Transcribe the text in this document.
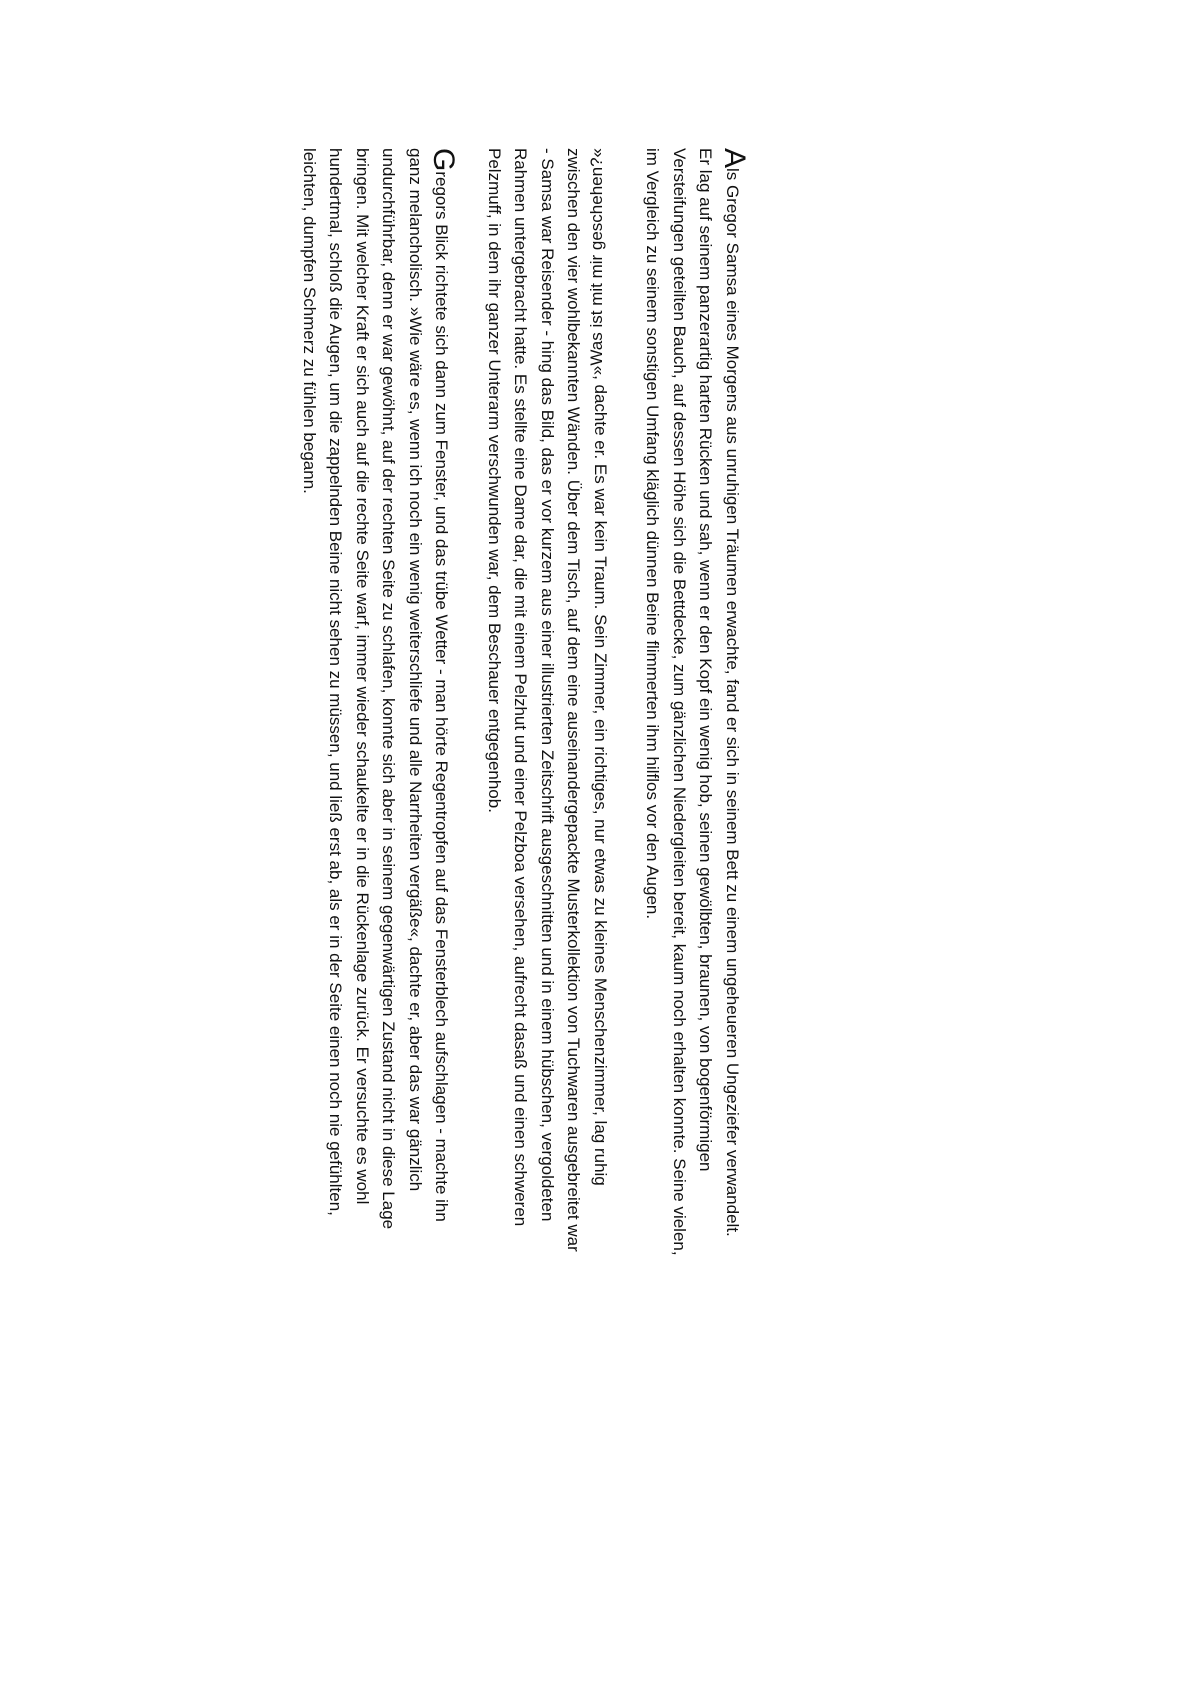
Als Gregor Samsa eines Morgens aus unruhigen Träumen erwachte, fand er sich in seinem Bett zu einem ungeheueren Ungeziefer verwandelt.
Er lag auf seinem panzerartig harten Rücken und sah, wenn er den Kopf ein wenig hob, seinen gewölbten, braunen, von bogenförmigen
Versteifungen geteilten Bauch, auf dessen Höhe sich die Bettdecke, zum gänzlichen Niedergleiten bereit, kaum noch erhalten konnte. Seine vielen,
im Vergleich zu seinem sonstigen Umfang kläglich dünnen Beine flimmerten ihm hilflos vor den Augen.
»Was ist mit mir geschehen?«, dachte er. Es war kein Traum. Sein Zimmer, ein richtiges, nur etwas zu kleines Menschenzimmer, lag ruhig
zwischen den vier wohlbekannten Wänden. Über dem Tisch, auf dem eine auseinandergepackte Musterkollektion von Tuchwaren ausgebreitet war
- Samsa war Reisender - hing das Bild, das er vor kurzem aus einer illustrierten Zeitschrift ausgeschnitten und in einem hübschen, vergoldeten
Rahmen untergebracht hatte. Es stellte eine Dame dar, die mit einem Pelzhut und einer Pelzboa versehen, aufrecht dasaß und einen schweren
Pelzmuff, in dem ihr ganzer Unterarm verschwunden war, dem Beschauer entgegenhob.
Gregors Blick richtete sich dann zum Fenster, und das trübe Wetter - man hörte Regentropfen auf das Fensterblech aufschlagen - machte ihn
ganz melancholisch. »Wie wäre es, wenn ich noch ein wenig weiterschliefe und alle Narrheiten vergäße«, dachte er, aber das war gänzlich
undurchführbar, denn er war gewöhnt, auf der rechten Seite zu schlafen, konnte sich aber in seinem gegenwärtigen Zustand nicht in diese Lage
bringen. Mit welcher Kraft er sich auch auf die rechte Seite warf, immer wieder schaukelte er in die Rückenlage zurück. Er versuchte es wohl
hundertmal, schloß die Augen, um die zappelnden Beine nicht sehen zu müssen, und ließ erst ab, als er in der Seite einen noch nie gefühlten,
leichten, dumpfen Schmerz zu fühlen begann.
